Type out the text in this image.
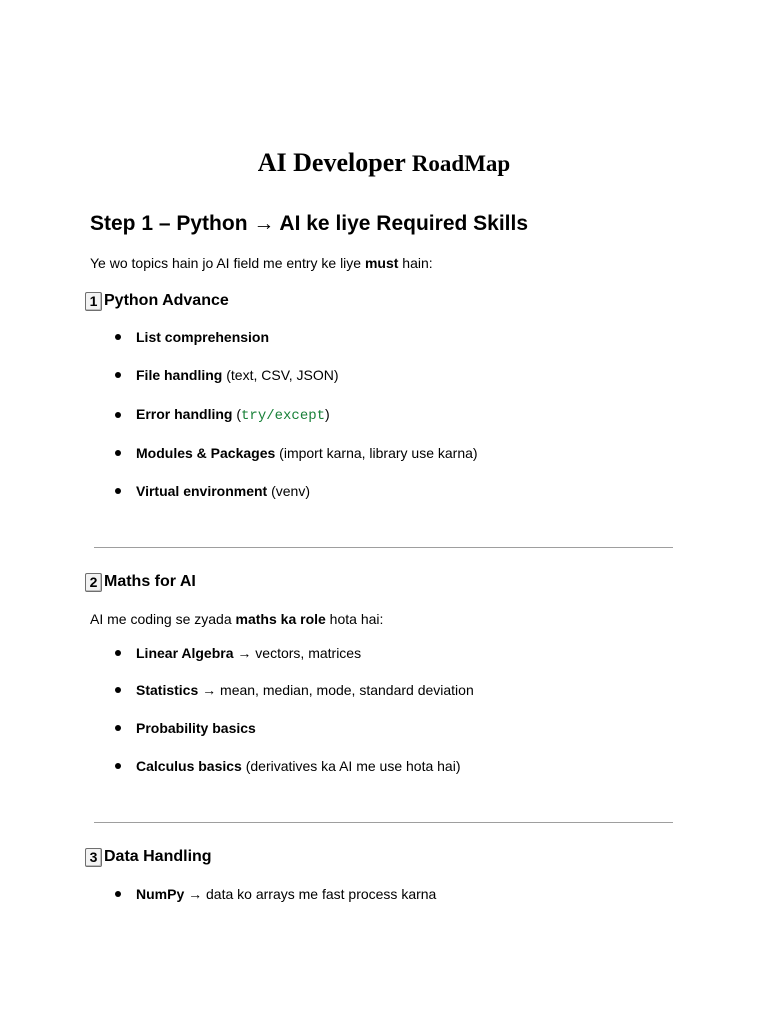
AI Developer RoadMap
Step 1 – Python → AI ke liye Required Skills
Ye wo topics hain jo AI field me entry ke liye must hain:
1 Python Advance
List comprehension
File handling (text, CSV, JSON)
Error handling (try/except)
Modules & Packages (import karna, library use karna)
Virtual environment (venv)
2 Maths for AI
AI me coding se zyada maths ka role hota hai:
Linear Algebra → vectors, matrices
Statistics → mean, median, mode, standard deviation
Probability basics
Calculus basics (derivatives ka AI me use hota hai)
3 Data Handling
NumPy → data ko arrays me fast process karna
